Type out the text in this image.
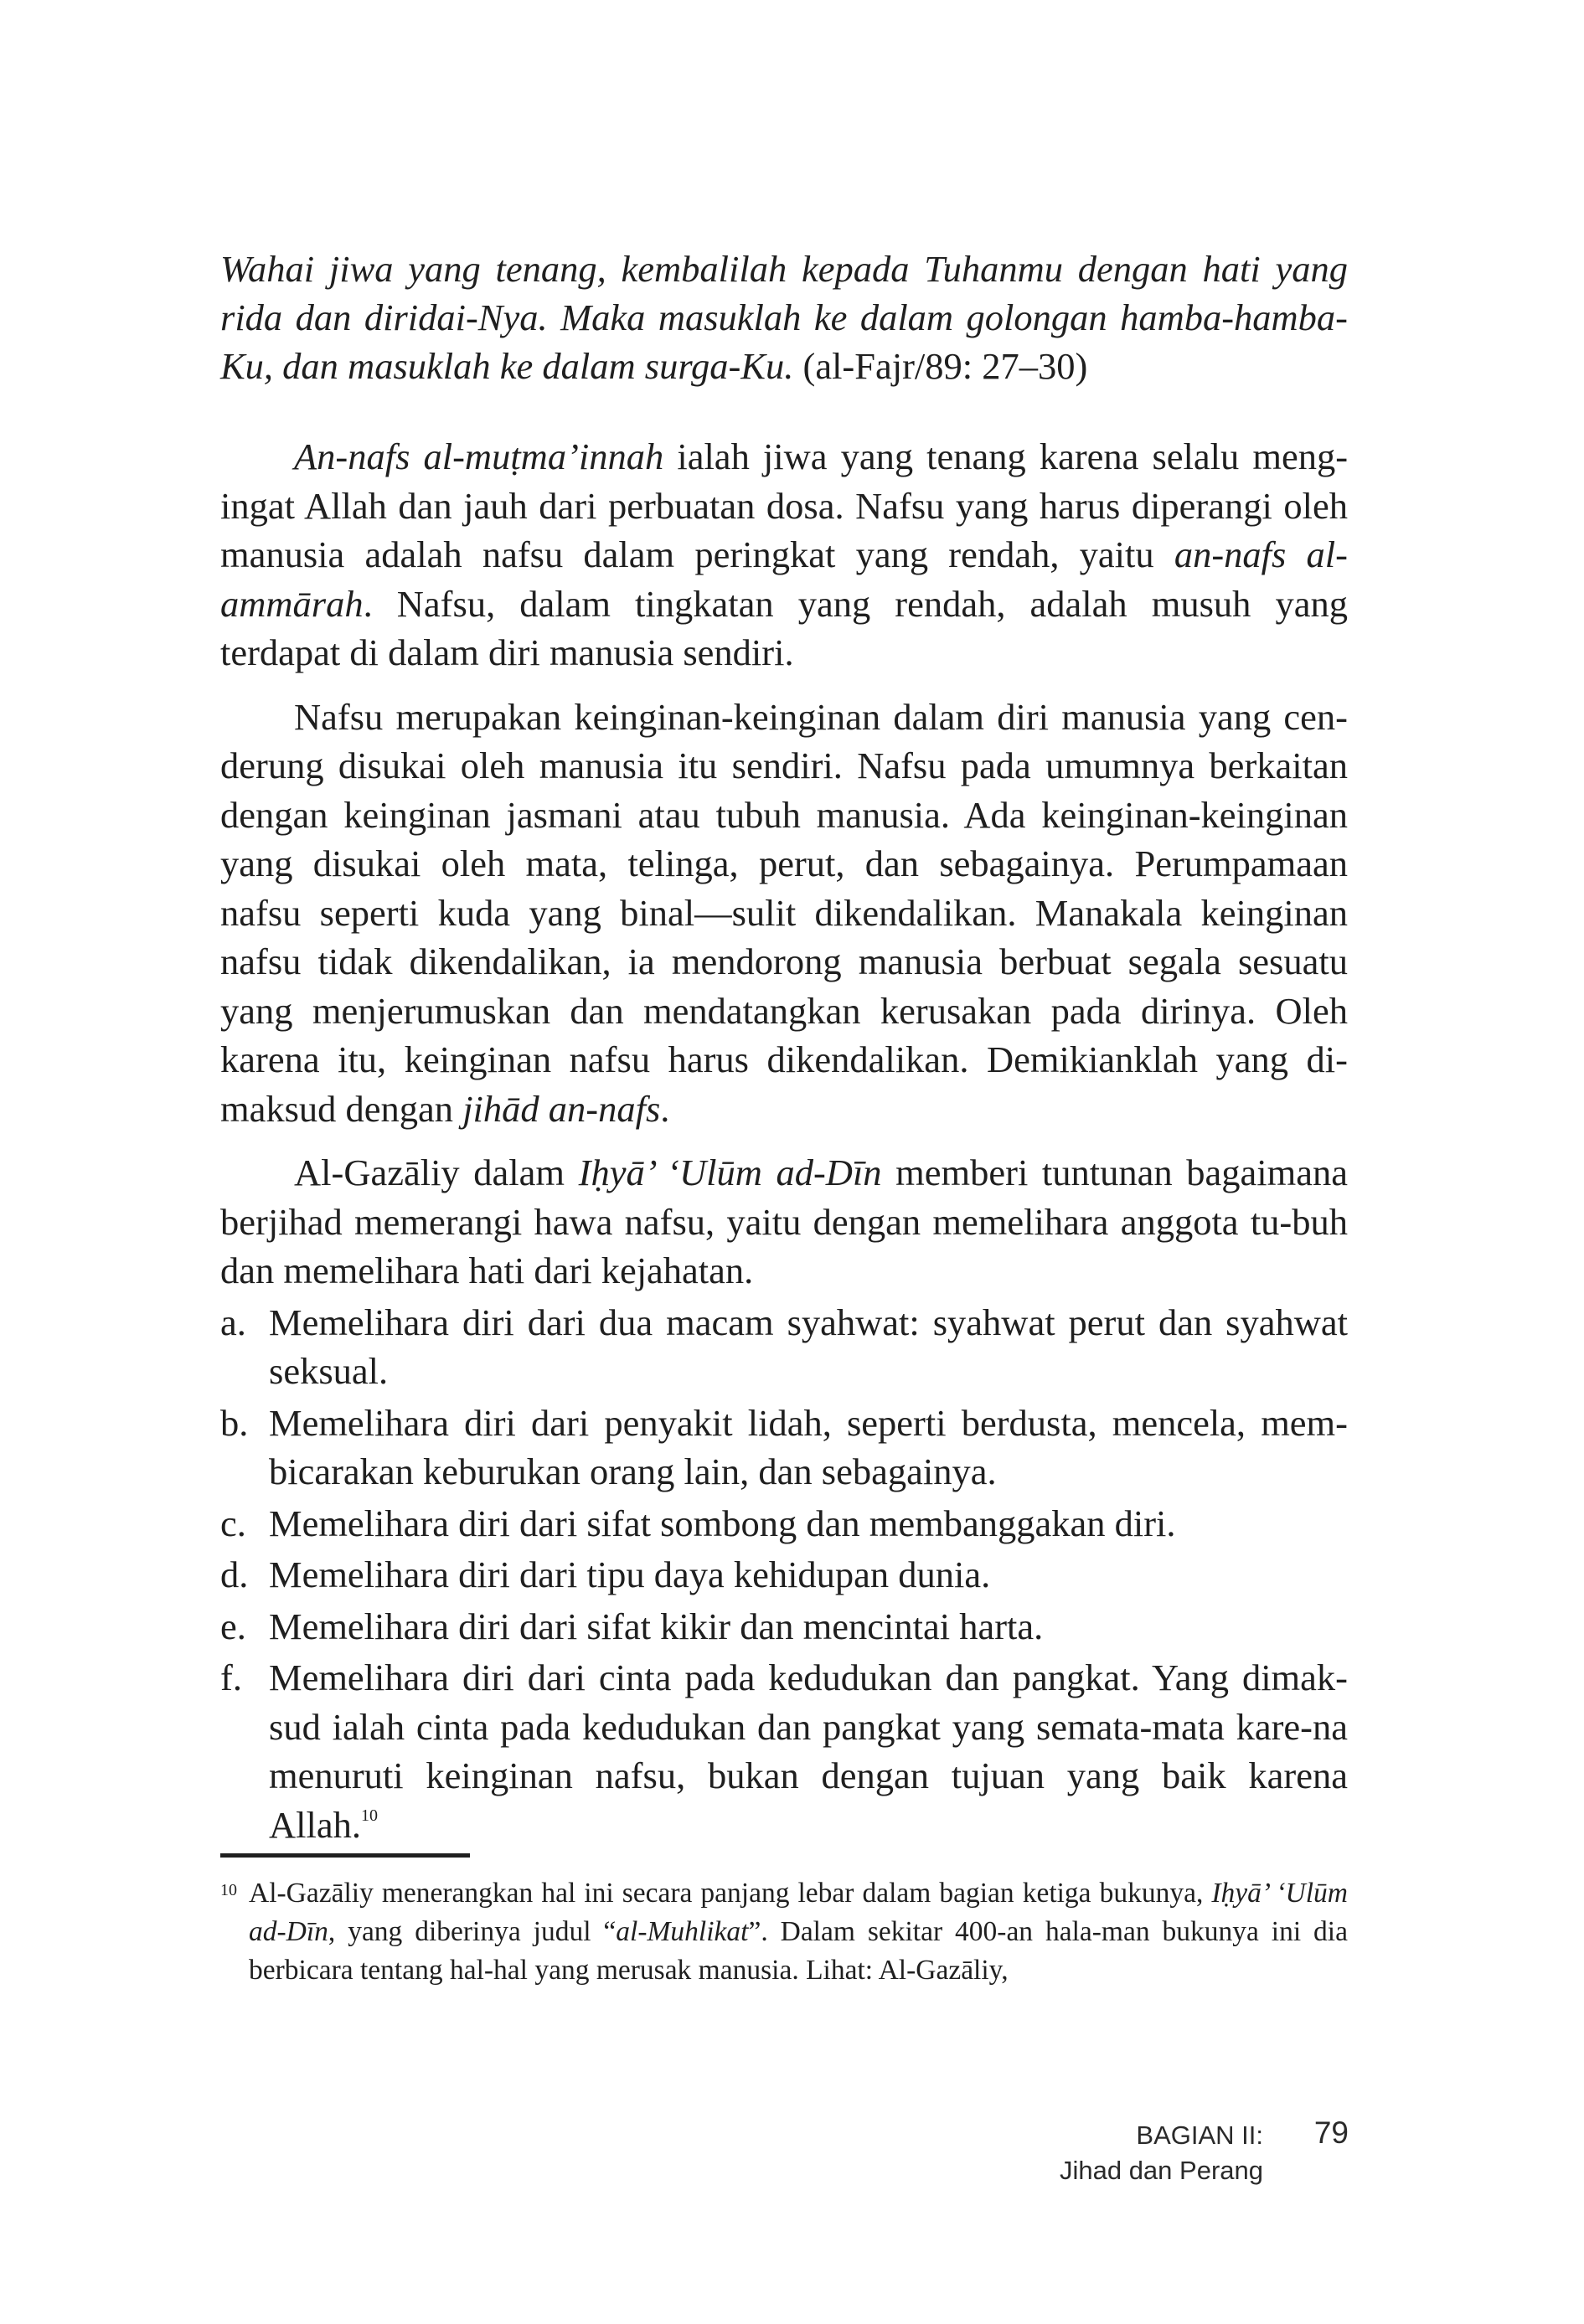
Wahai jiwa yang tenang, kembalilah kepada Tuhanmu dengan hati yang rida dan diridai-Nya. Maka masuklah ke dalam golongan hamba-hamba-Ku, dan masuklah ke dalam surga-Ku. (al-Fajr/89: 27–30)

An-nafs al-muṭma’innah ialah jiwa yang tenang karena selalu meng-ingat Allah dan jauh dari perbuatan dosa. Nafsu yang harus diperangi oleh manusia adalah nafsu dalam peringkat yang rendah, yaitu an-nafs al-ammārah. Nafsu, dalam tingkatan yang rendah, adalah musuh yang terdapat di dalam diri manusia sendiri.

Nafsu merupakan keinginan-keinginan dalam diri manusia yang cen-derung disukai oleh manusia itu sendiri. Nafsu pada umumnya berkaitan dengan keinginan jasmani atau tubuh manusia. Ada keinginan-keinginan yang disukai oleh mata, telinga, perut, dan sebagainya. Perumpamaan nafsu seperti kuda yang binal—sulit dikendalikan. Manakala keinginan nafsu tidak dikendalikan, ia mendorong manusia berbuat segala sesuatu yang menjerumuskan dan mendatangkan kerusakan pada dirinya. Oleh karena itu, keinginan nafsu harus dikendalikan. Demikianklah yang di-maksud dengan jihād an-nafs.

Al-Gazāliy dalam Iḥyā’ ‘Ulūm ad-Dīn memberi tuntunan bagaimana berjihad memerangi hawa nafsu, yaitu dengan memelihara anggota tu-buh dan memelihara hati dari kejahatan.

a. Memelihara diri dari dua macam syahwat: syahwat perut dan syahwat seksual.
b. Memelihara diri dari penyakit lidah, seperti berdusta, mencela, mem-bicarakan keburukan orang lain, dan sebagainya.
c. Memelihara diri dari sifat sombong dan membanggakan diri.
d. Memelihara diri dari tipu daya kehidupan dunia.
e. Memelihara diri dari sifat kikir dan mencintai harta.
f. Memelihara diri dari cinta pada kedudukan dan pangkat. Yang dimak-sud ialah cinta pada kedudukan dan pangkat yang semata-mata kare-na menuruti keinginan nafsu, bukan dengan tujuan yang baik karena Allah.$^{10}$
10 Al-Gazāliy menerangkan hal ini secara panjang lebar dalam bagian ketiga bukunya, Iḥyā’ ‘Ulūm ad-Dīn, yang diberinya judul “al-Muhlikat”. Dalam sekitar 400-an hala-man bukunya ini dia berbicara tentang hal-hal yang merusak manusia. Lihat: Al-Gazāliy,

BAGIAN II:
Jihad dan Perang
79
